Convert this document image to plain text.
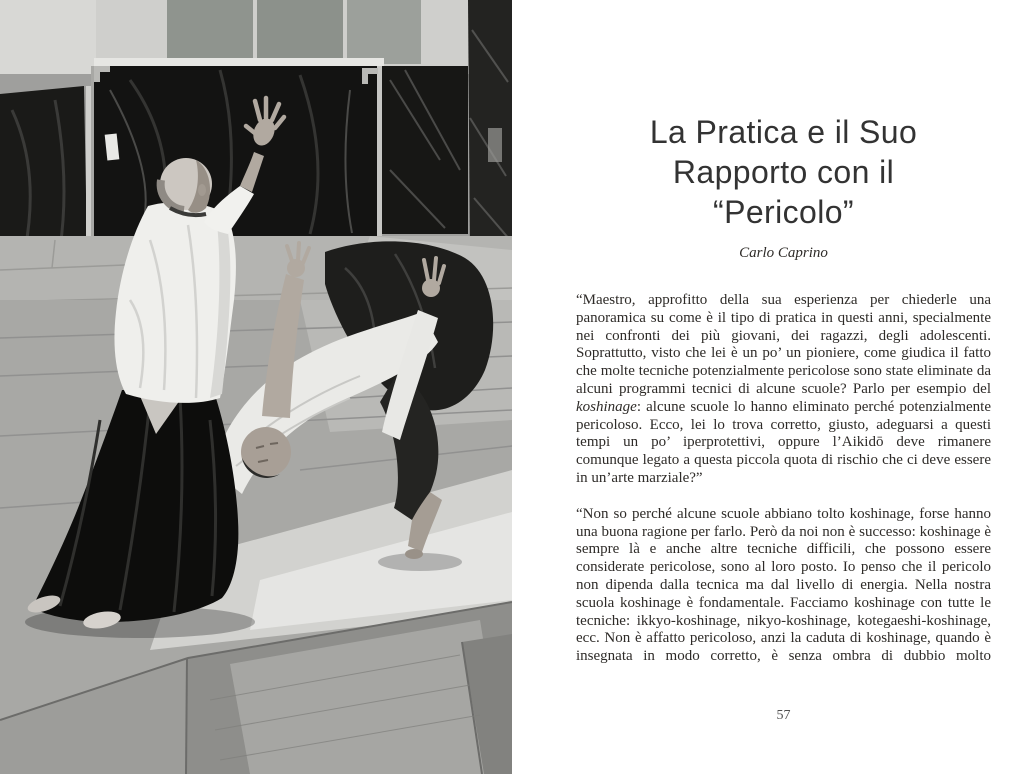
La Pratica e il Suo
Rapporto con il
“Pericolo”
Carlo Caprino

“Maestro, approfitto della sua esperienza per chiederle una panoramica su come è il tipo di pratica in questi anni, specialmente nei confronti dei più giovani, dei ragazzi, degli adolescenti. Soprattutto, visto che lei è un po’ un pioniere, come giudica il fatto che molte tecniche potenzialmente pericolose sono state eliminate da alcuni programmi tecnici di alcune scuole? Parlo per esempio del koshinage: alcune scuole lo hanno eliminato perché potenzialmente pericoloso. Ecco, lei lo trova corretto, giusto, adeguarsi a questi tempi un po’ iperprotettivi, oppure l’Aikidō deve rimanere comunque legato a questa piccola quota di rischio che ci deve essere in un’arte marziale?”

“Non so perché alcune scuole abbiano tolto koshinage, forse hanno una buona ragione per farlo. Però da noi non è successo: koshinage è sempre là e anche altre tecniche difficili, che possono essere considerate pericolose, sono al loro posto. Io penso che il pericolo non dipenda dalla tecnica ma dal livello di energia. Nella nostra scuola koshinage è fondamentale. Facciamo koshinage con tutte le tecniche: ikkyo-koshinage, nikyo-koshinage, kotegaeshi-koshinage, ecc. Non è affatto pericoloso, anzi la caduta di koshinage, quando è insegnata in modo corretto, è senza ombra di dubbio molto

57
